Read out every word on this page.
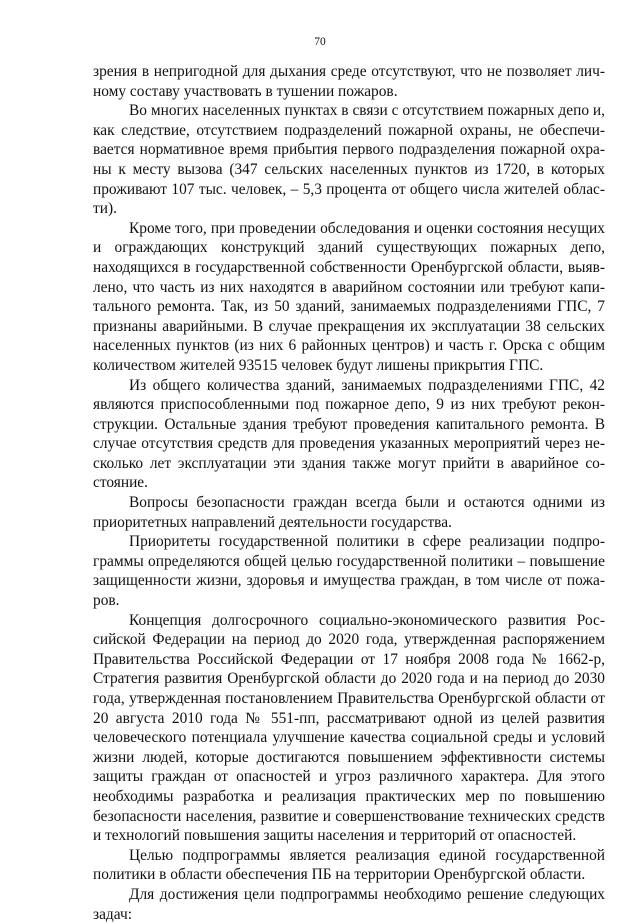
70

зрения в непригодной для дыхания среде отсутствуют, что не позволяет личному составу участвовать в тушении пожаров.

Во многих населенных пунктах в связи с отсутствием пожарных депо и, как следствие, отсутствием подразделений пожарной охраны, не обеспечивается нормативное время прибытия первого подразделения пожарной охраны к месту вызова (347 сельских населенных пунктов из 1720, в которых проживают 107 тыс. человек, – 5,3 процента от общего числа жителей области).

Кроме того, при проведении обследования и оценки состояния несущих и ограждающих конструкций зданий существующих пожарных депо, находящихся в государственной собственности Оренбургской области, выявлено, что часть из них находятся в аварийном состоянии или требуют капитального ремонта. Так, из 50 зданий, занимаемых подразделениями ГПС, 7 признаны аварийными. В случае прекращения их эксплуатации 38 сельских населенных пунктов (из них 6 районных центров) и часть г. Орска с общим количеством жителей 93515 человек будут лишены прикрытия ГПС.

Из общего количества зданий, занимаемых подразделениями ГПС, 42 являются приспособленными под пожарное депо, 9 из них требуют реконструкции. Остальные здания требуют проведения капитального ремонта. В случае отсутствия средств для проведения указанных мероприятий через несколько лет эксплуатации эти здания также могут прийти в аварийное состояние.

Вопросы безопасности граждан всегда были и остаются одними из приоритетных направлений деятельности государства.

Приоритеты государственной политики в сфере реализации подпрограммы определяются общей целью государственной политики – повышение защищенности жизни, здоровья и имущества граждан, в том числе от пожаров.

Концепция долгосрочного социально-экономического развития Российской Федерации на период до 2020 года, утвержденная распоряжением Правительства Российской Федерации от 17 ноября 2008 года № 1662-р, Стратегия развития Оренбургской области до 2020 года и на период до 2030 года, утвержденная постановлением Правительства Оренбургской области от 20 августа 2010 года № 551-пп, рассматривают одной из целей развития человеческого потенциала улучшение качества социальной среды и условий жизни людей, которые достигаются повышением эффективности системы защиты граждан от опасностей и угроз различного характера. Для этого необходимы разработка и реализация практических мер по повышению безопасности населения, развитие и совершенствование технических средств и технологий повышения защиты населения и территорий от опасностей.

Целью подпрограммы является реализация единой государственной политики в области обеспечения ПБ на территории Оренбургской области.

Для достижения цели подпрограммы необходимо решение следующих задач:
